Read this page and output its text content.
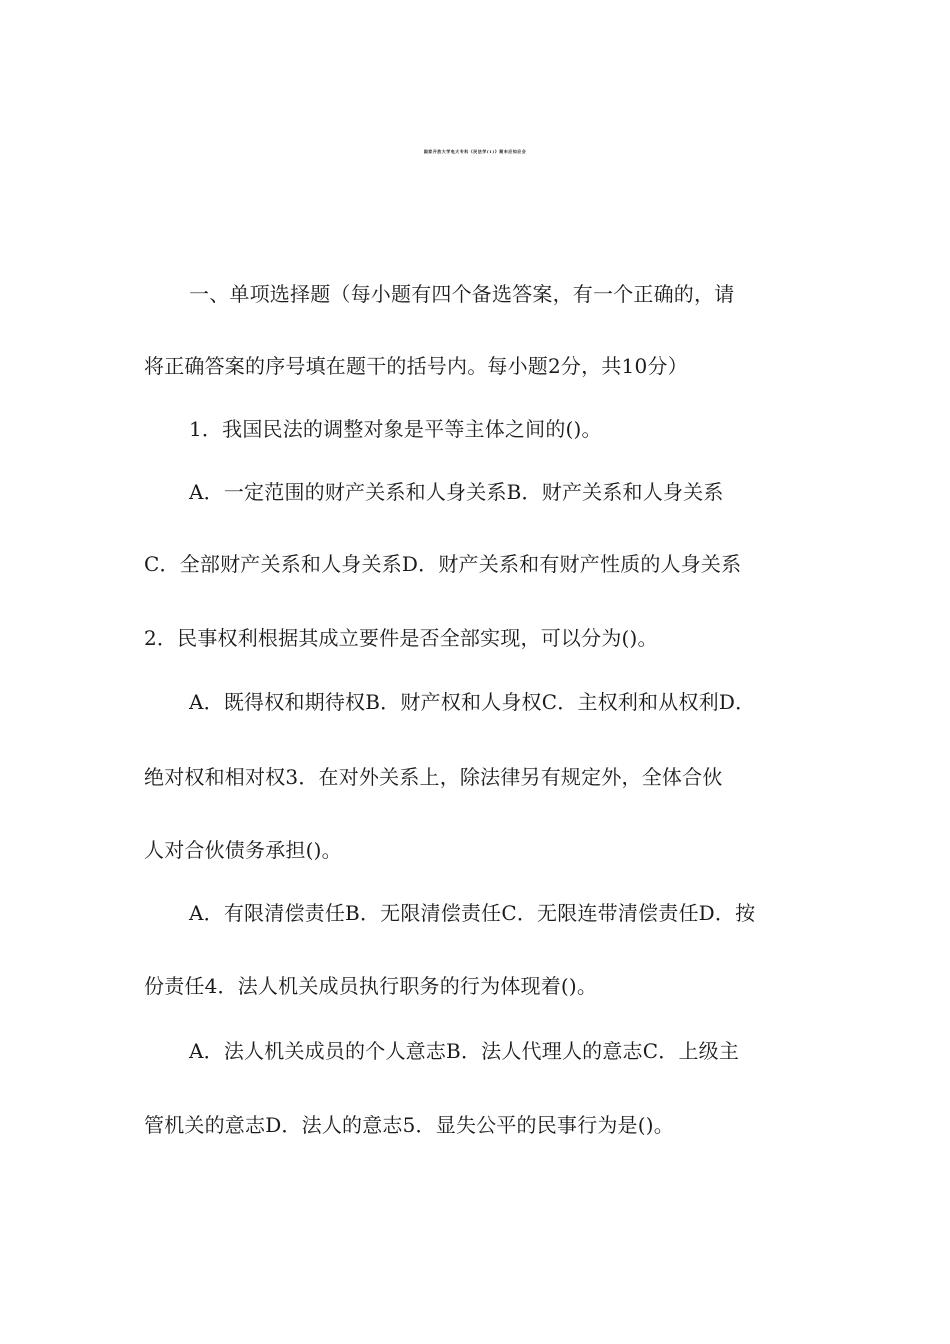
国家开放大学电大专科《民法学(1)》期末应知应会
一、单项选择题（每小题有四个备选答案，有一个正确的，请
将正确答案的序号填在题干的括号内。每小题2分，共10分）
1．我国民法的调整对象是平等主体之间的()。
A．一定范围的财产关系和人身关系B．财产关系和人身关系
C．全部财产关系和人身关系D．财产关系和有财产性质的人身关系
2．民事权利根据其成立要件是否全部实现，可以分为()。
A．既得权和期待权B．财产权和人身权C．主权利和从权利D．
绝对权和相对权3．在对外关系上，除法律另有规定外，全体合伙
人对合伙债务承担()。
A．有限清偿责任B．无限清偿责任C．无限连带清偿责任D．按
份责任4．法人机关成员执行职务的行为体现着()。
A．法人机关成员的个人意志B．法人代理人的意志C．上级主
管机关的意志D．法人的意志5．显失公平的民事行为是()。
